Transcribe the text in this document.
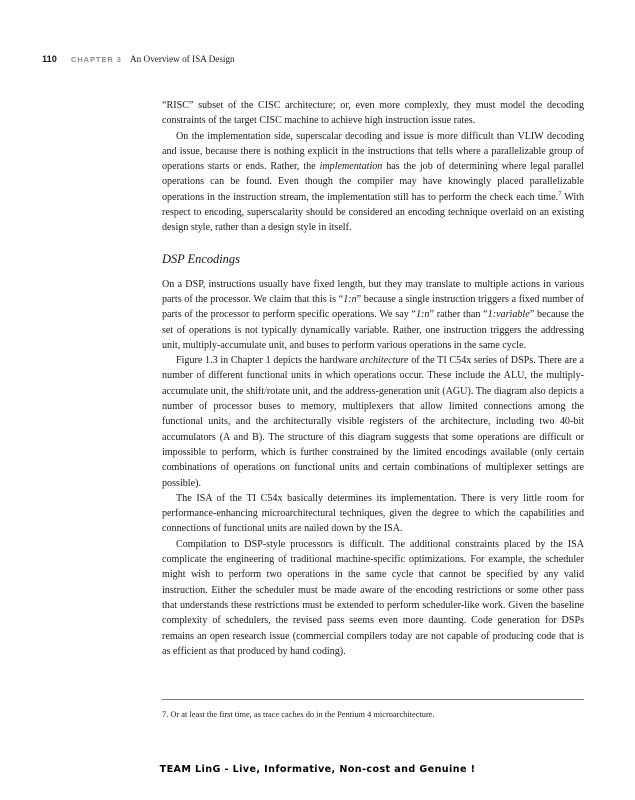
110 CHAPTER 3 An Overview of ISA Design

“RISC” subset of the CISC architecture; or, even more complexly, they must model the decoding constraints of the target CISC machine to achieve high instruction issue rates.

On the implementation side, superscalar decoding and issue is more difficult than VLIW decoding and issue, because there is nothing explicit in the instructions that tells where a parallelizable group of operations starts or ends. Rather, the implementation has the job of determining where legal parallel operations can be found. Even though the compiler may have knowingly placed parallelizable operations in the instruction stream, the implementation still has to perform the check each time.$^7$ With respect to encoding, superscalarity should be considered an encoding technique overlaid on an existing design style, rather than a design style in itself.

DSP Encodings

On a DSP, instructions usually have fixed length, but they may translate to multiple actions in various parts of the processor. We claim that this is “1:n” because a single instruction triggers a fixed number of parts of the processor to perform specific operations. We say “1:n” rather than “1:variable” because the set of operations is not typically dynamically variable. Rather, one instruction triggers the addressing unit, multiply-accumulate unit, and buses to perform various operations in the same cycle.

Figure 1.3 in Chapter 1 depicts the hardware architecture of the TI C54x series of DSPs. There are a number of different functional units in which operations occur. These include the ALU, the multiply-accumulate unit, the shift/rotate unit, and the address-generation unit (AGU). The diagram also depicts a number of processor buses to memory, multiplexers that allow limited connections among the functional units, and the architecturally visible registers of the architecture, including two 40-bit accumulators (A and B). The structure of this diagram suggests that some operations are difficult or impossible to perform, which is further constrained by the limited encodings available (only certain combinations of operations on functional units and certain combinations of multiplexer settings are possible).

The ISA of the TI C54x basically determines its implementation. There is very little room for performance-enhancing microarchitectural techniques, given the degree to which the capabilities and connections of functional units are nailed down by the ISA.

Compilation to DSP-style processors is difficult. The additional constraints placed by the ISA complicate the engineering of traditional machine-specific optimizations. For example, the scheduler might wish to perform two operations in the same cycle that cannot be specified by any valid instruction. Either the scheduler must be made aware of the encoding restrictions or some other pass that understands these restrictions must be extended to perform scheduler-like work. Given the baseline complexity of schedulers, the revised pass seems even more daunting. Code generation for DSPs remains an open research issue (commercial compilers today are not capable of producing code that is as efficient as that produced by hand coding).

7. Or at least the first time, as trace caches do in the Pentium 4 microarchitecture.
TEAM LinG - Live, Informative, Non-cost and Genuine !
